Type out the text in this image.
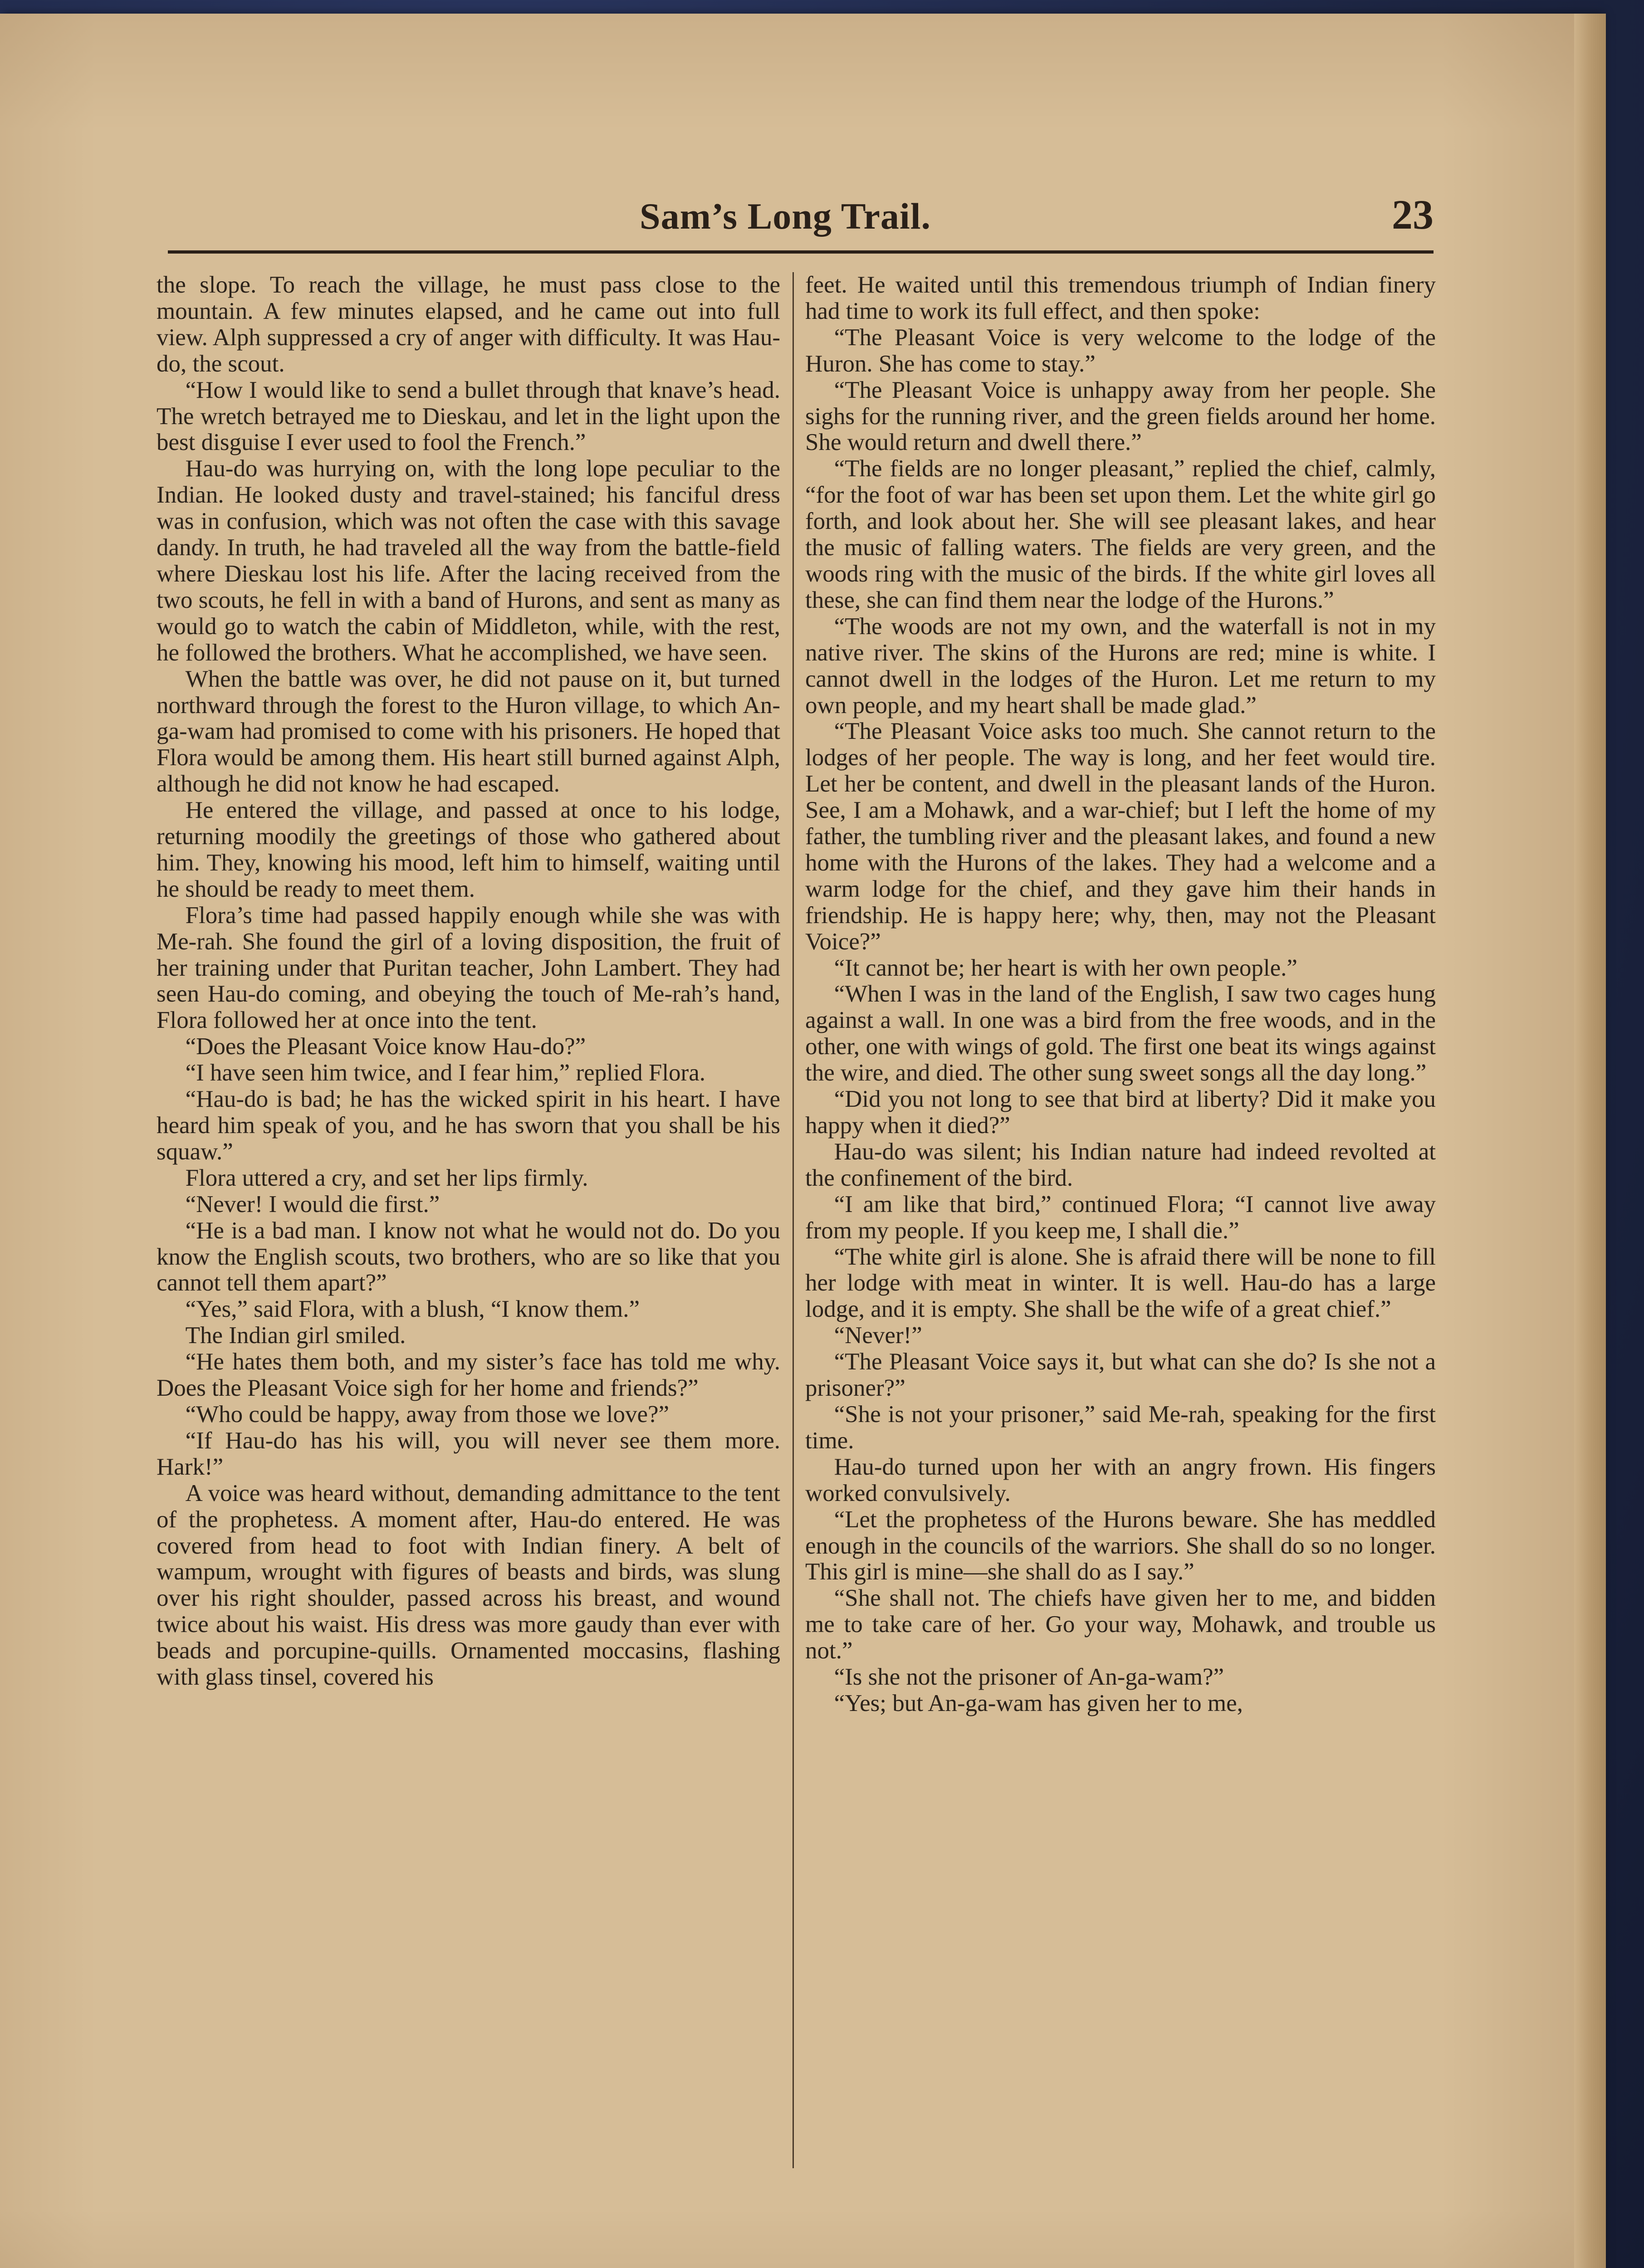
Sam’s Long Trail.	23

the slope. To reach the village, he must pass close to the mountain. A few minutes elapsed, and he came out into full view. Alph suppressed a cry of anger with difficulty. It was Hau-do, the scout.

“How I would like to send a bullet through that knave’s head. The wretch betrayed me to Dieskau, and let in the light upon the best disguise I ever used to fool the French.”

Hau-do was hurrying on, with the long lope peculiar to the Indian. He looked dusty and travel-stained; his fanciful dress was in confusion, which was not often the case with this savage dandy. In truth, he had traveled all the way from the battle-field where Dieskau lost his life. After the lacing received from the two scouts, he fell in with a band of Hurons, and sent as many as would go to watch the cabin of Middleton, while, with the rest, he followed the brothers. What he accomplished, we have seen.

When the battle was over, he did not pause on it, but turned northward through the forest to the Huron village, to which An-ga-wam had promised to come with his prisoners. He hoped that Flora would be among them. His heart still burned against Alph, although he did not know he had escaped.

He entered the village, and passed at once to his lodge, returning moodily the greetings of those who gathered about him. They, knowing his mood, left him to himself, waiting until he should be ready to meet them.

Flora’s time had passed happily enough while she was with Me-rah. She found the girl of a loving disposition, the fruit of her training under that Puritan teacher, John Lambert. They had seen Hau-do coming, and obeying the touch of Me-rah’s hand, Flora followed her at once into the tent.

“Does the Pleasant Voice know Hau-do?”

“I have seen him twice, and I fear him,” replied Flora.

“Hau-do is bad; he has the wicked spirit in his heart. I have heard him speak of you, and he has sworn that you shall be his squaw.”

Flora uttered a cry, and set her lips firmly.

“Never! I would die first.”

“He is a bad man. I know not what he would not do. Do you know the English scouts, two brothers, who are so like that you cannot tell them apart?”

“Yes,” said Flora, with a blush, “I know them.”

The Indian girl smiled.

“He hates them both, and my sister’s face has told me why. Does the Pleasant Voice sigh for her home and friends?”

“Who could be happy, away from those we love?”

“If Hau-do has his will, you will never see them more. Hark!”

A voice was heard without, demanding admittance to the tent of the prophetess. A moment after, Hau-do entered. He was covered from head to foot with Indian finery. A belt of wampum, wrought with figures of beasts and birds, was slung over his right shoulder, passed across his breast, and wound twice about his waist. His dress was more gaudy than ever with beads and porcupine-quills. Ornamented moccasins, flashing with glass tinsel, covered his

feet. He waited until this tremendous triumph of Indian finery had time to work its full effect, and then spoke:

“The Pleasant Voice is very welcome to the lodge of the Huron. She has come to stay.”

“The Pleasant Voice is unhappy away from her people. She sighs for the running river, and the green fields around her home. She would return and dwell there.”

“The fields are no longer pleasant,” replied the chief, calmly, “for the foot of war has been set upon them. Let the white girl go forth, and look about her. She will see pleasant lakes, and hear the music of falling waters. The fields are very green, and the woods ring with the music of the birds. If the white girl loves all these, she can find them near the lodge of the Hurons.”

“The woods are not my own, and the waterfall is not in my native river. The skins of the Hurons are red; mine is white. I cannot dwell in the lodges of the Huron. Let me return to my own people, and my heart shall be made glad.”

“The Pleasant Voice asks too much. She cannot return to the lodges of her people. The way is long, and her feet would tire. Let her be content, and dwell in the pleasant lands of the Huron. See, I am a Mohawk, and a war-chief; but I left the home of my father, the tumbling river and the pleasant lakes, and found a new home with the Hurons of the lakes. They had a welcome and a warm lodge for the chief, and they gave him their hands in friendship. He is happy here; why, then, may not the Pleasant Voice?”

“It cannot be; her heart is with her own people.”

“When I was in the land of the English, I saw two cages hung against a wall. In one was a bird from the free woods, and in the other, one with wings of gold. The first one beat its wings against the wire, and died. The other sung sweet songs all the day long.”

“Did you not long to see that bird at liberty? Did it make you happy when it died?”

Hau-do was silent; his Indian nature had indeed revolted at the confinement of the bird.

“I am like that bird,” continued Flora; “I cannot live away from my people. If you keep me, I shall die.”

“The white girl is alone. She is afraid there will be none to fill her lodge with meat in winter. It is well. Hau-do has a large lodge, and it is empty. She shall be the wife of a great chief.”

“Never!”

“The Pleasant Voice says it, but what can she do? Is she not a prisoner?”

“She is not your prisoner,” said Me-rah, speaking for the first time.

Hau-do turned upon her with an angry frown. His fingers worked convulsively.

“Let the prophetess of the Hurons beware. She has meddled enough in the councils of the warriors. She shall do so no longer. This girl is mine—she shall do as I say.”

“She shall not. The chiefs have given her to me, and bidden me to take care of her. Go your way, Mohawk, and trouble us not.”

“Is she not the prisoner of An-ga-wam?”

“Yes; but An-ga-wam has given her to me,
